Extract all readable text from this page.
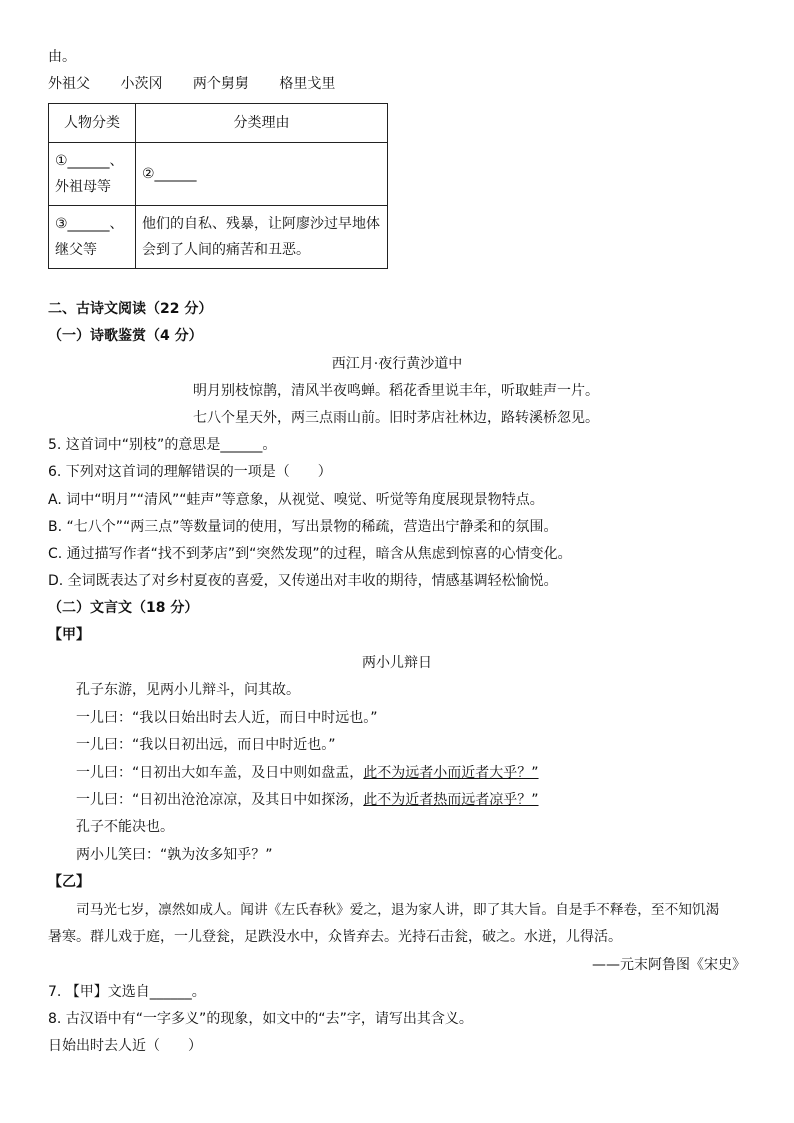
由。
外祖父 小茨冈 两个舅舅 格里戈里
人物分类	分类理由
①______、外祖母等	②______
③______、继父等	他们的自私、残暴，让阿廖沙过早地体会到了人间的痛苦和丑恶。
二、古诗文阅读（22 分）
（一）诗歌鉴赏（4 分）
西江月·夜行黄沙道中
明月别枝惊鹊，清风半夜鸣蝉。稻花香里说丰年，听取蛙声一片。
七八个星天外，两三点雨山前。旧时茅店社林边，路转溪桥忽见。
5. 这首词中“别枝”的意思是______。
6. 下列对这首词的理解错误的一项是（　　）
A. 词中“明月”“清风”“蛙声”等意象，从视觉、嗅觉、听觉等角度展现景物特点。
B. “七八个”“两三点”等数量词的使用，写出景物的稀疏，营造出宁静柔和的氛围。
C. 通过描写作者“找不到茅店”到“突然发现”的过程，暗含从焦虑到惊喜的心情变化。
D. 全词既表达了对乡村夏夜的喜爱，又传递出对丰收的期待，情感基调轻松愉悦。
（二）文言文（18 分）
【甲】
两小儿辩日
孔子东游，见两小儿辩斗，问其故。
一儿曰：“我以日始出时去人近，而日中时远也。”
一儿曰：“我以日初出远，而日中时近也。”
一儿曰：“日初出大如车盖，及日中则如盘盂，此不为远者小而近者大乎？”
一儿曰：“日初出沧沧凉凉，及其日中如探汤，此不为近者热而远者凉乎？”
孔子不能决也。
两小儿笑曰：“孰为汝多知乎？”
【乙】
司马光七岁，凛然如成人。闻讲《左氏春秋》爱之，退为家人讲，即了其大旨。自是手不释卷，至不知饥渴
暑寒。群儿戏于庭，一儿登瓮，足跌没水中，众皆弃去。光持石击瓮，破之。水迸，儿得活。
——元末阿鲁图《宋史》
7. 【甲】文选自______。
8. 古汉语中有“一字多义”的现象，如文中的“去”字，请写出其含义。
日始出时去人近（　　）
